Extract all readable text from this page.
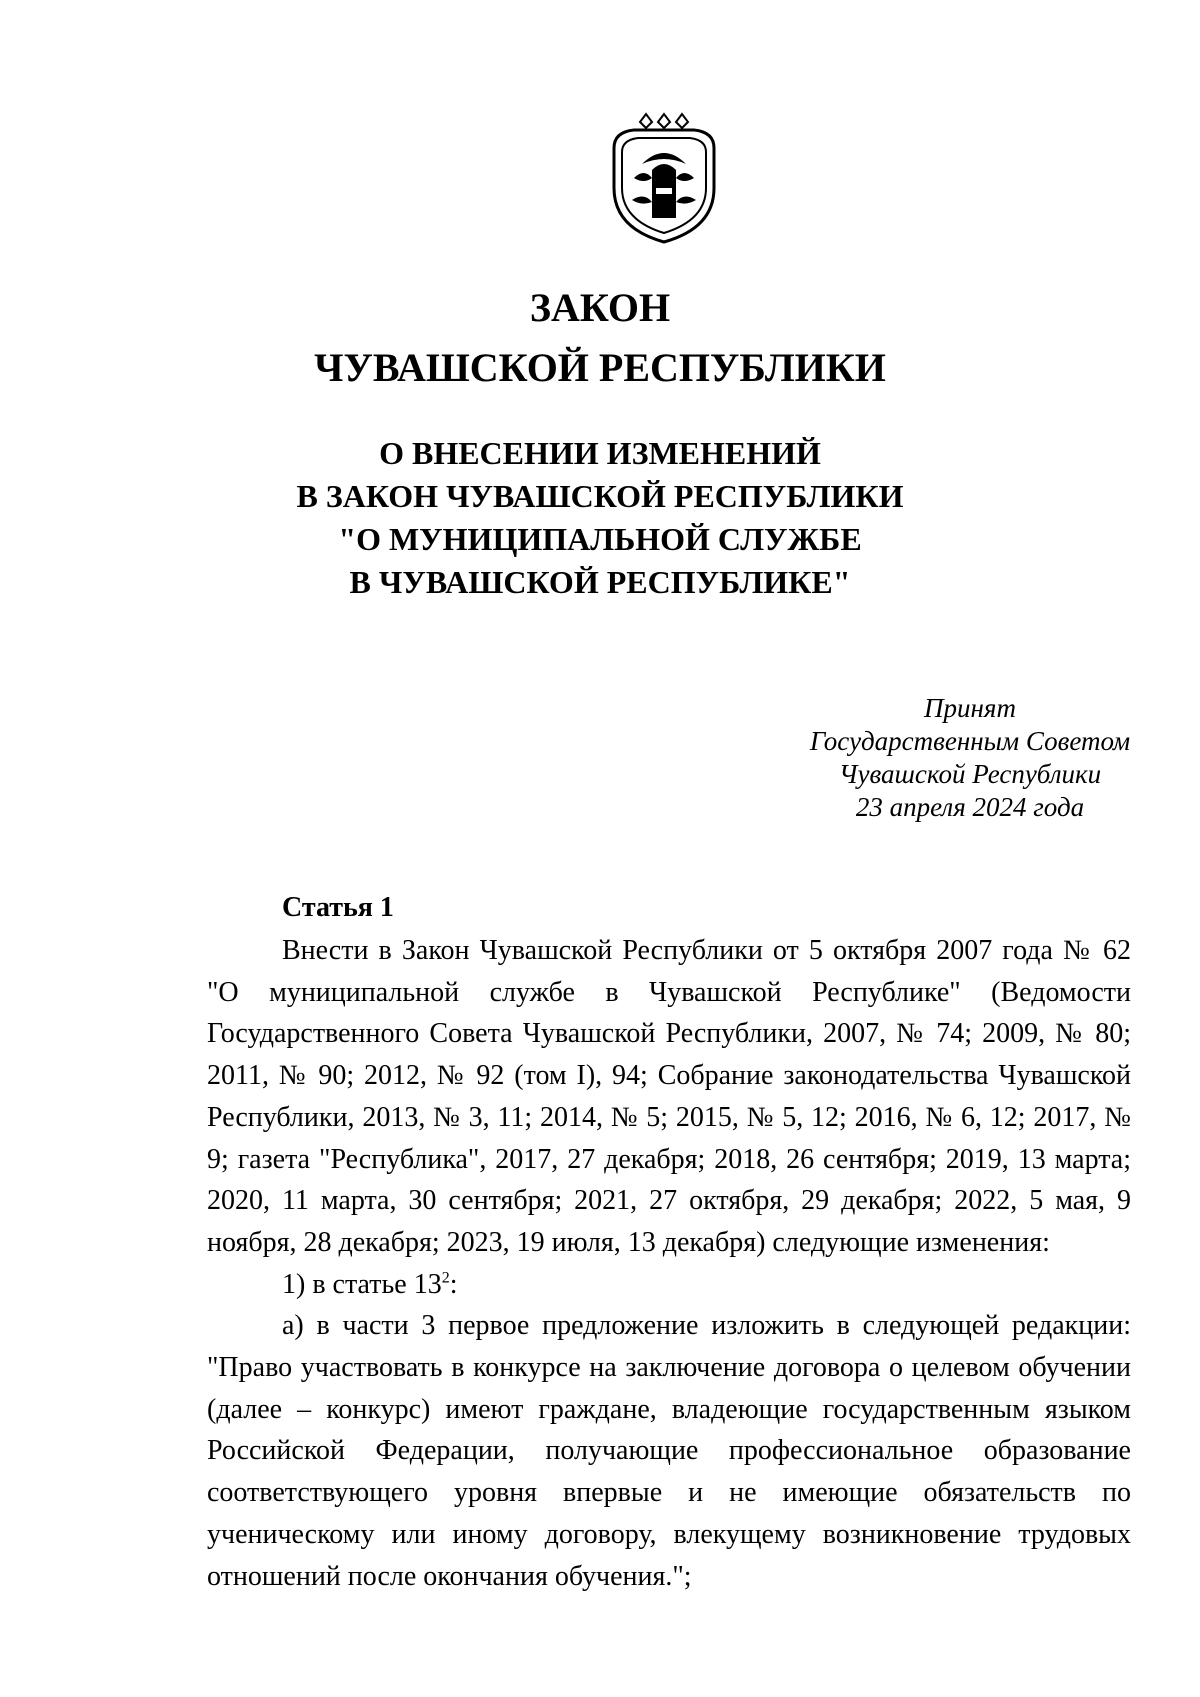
ЗАКОН
ЧУВАШСКОЙ РЕСПУБЛИКИ
О ВНЕСЕНИИ ИЗМЕНЕНИЙ
В ЗАКОН ЧУВАШСКОЙ РЕСПУБЛИКИ
"О МУНИЦИПАЛЬНОЙ СЛУЖБЕ
В ЧУВАШСКОЙ РЕСПУБЛИКЕ"
Принят
Государственным Советом
Чувашской Республики
23 апреля 2024 года
Статья 1

Внести в Закон Чувашской Республики от 5 октября 2007 года № 62 "О муниципальной службе в Чувашской Республике" (Ведомости Государственного Совета Чувашской Республики, 2007, № 74; 2009, № 80; 2011, № 90; 2012, № 92 (том I), 94; Собрание законодательства Чувашской Республики, 2013, № 3, 11; 2014, № 5; 2015, № 5, 12; 2016, № 6, 12; 2017, № 9; газета "Республика", 2017, 27 декабря; 2018, 26 сентября; 2019, 13 марта; 2020, 11 марта, 30 сентября; 2021, 27 октября, 29 декабря; 2022, 5 мая, 9 ноября, 28 декабря; 2023, 19 июля, 13 декабря) следующие изменения:

1) в статье $13^2$:

а) в части 3 первое предложение изложить в следующей редакции: "Право участвовать в конкурсе на заключение договора о целевом обучении (далее – конкурс) имеют граждане, владеющие государственным языком Российской Федерации, получающие профессиональное образование соответствующего уровня впервые и не имеющие обязательств по ученическому или иному договору, влекущему возникновение трудовых отношений после окончания обучения.";
